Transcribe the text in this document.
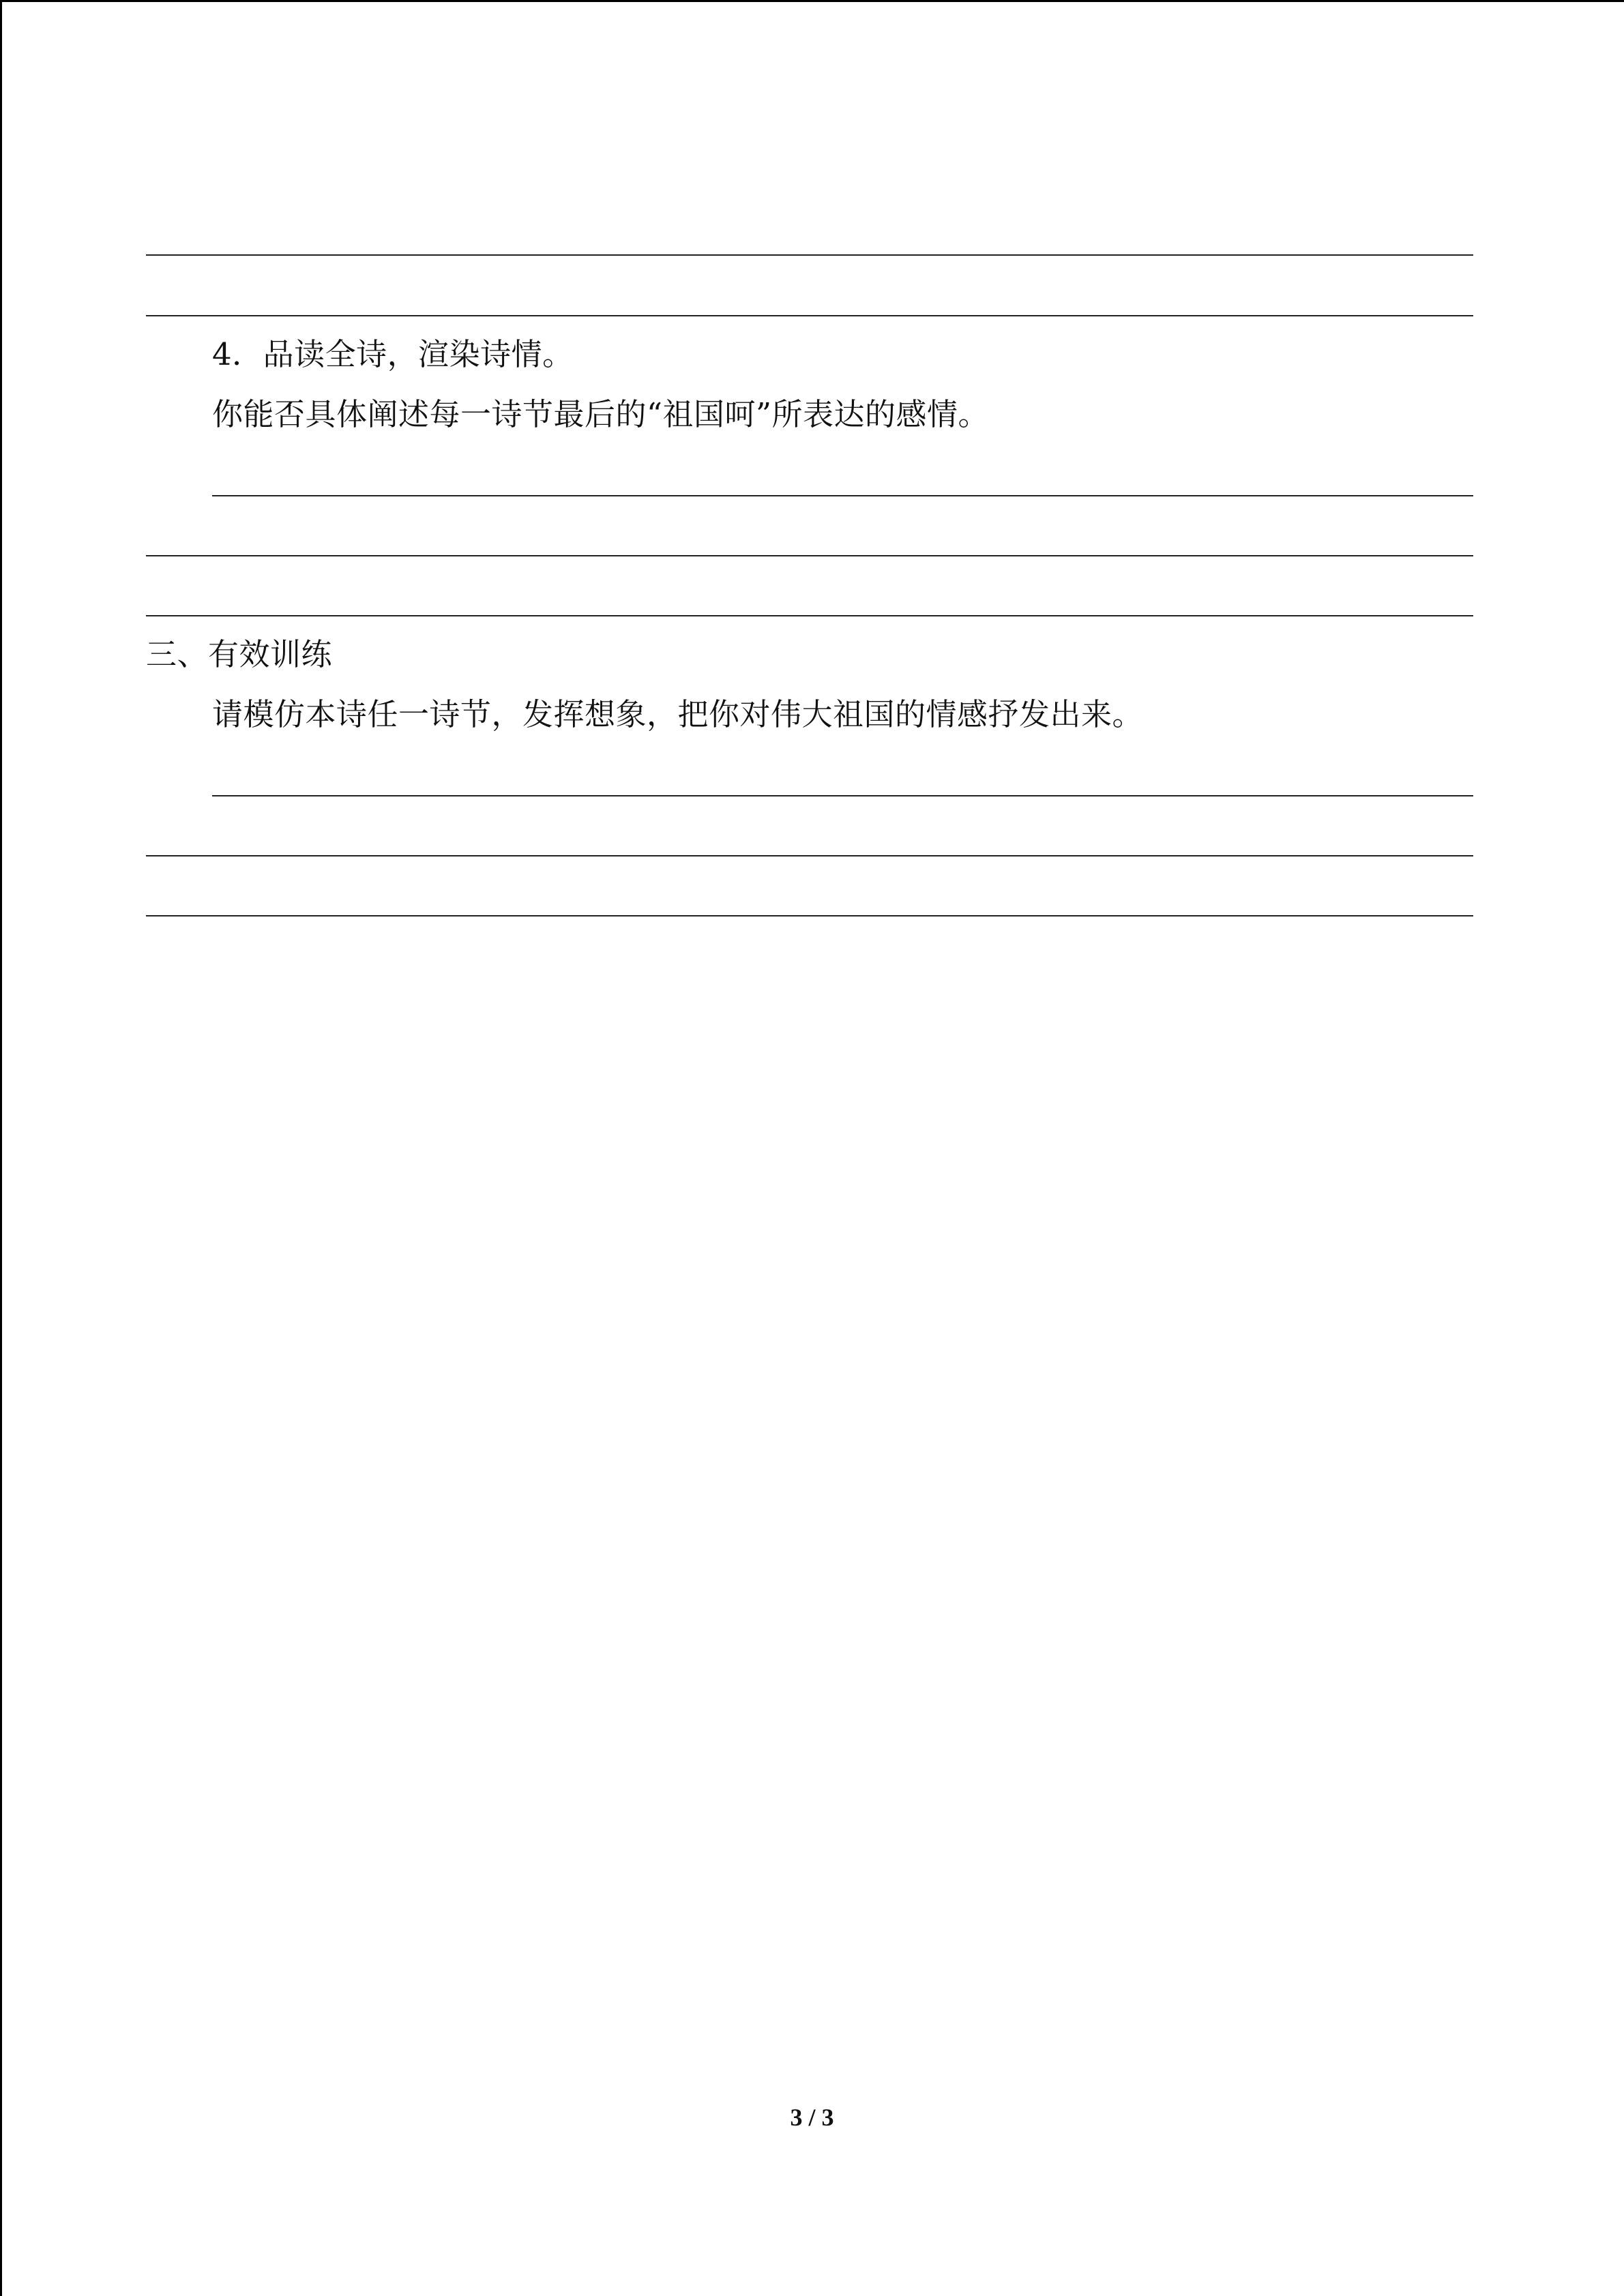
4．品读全诗，渲染诗情。
你能否具体阐述每一诗节最后的“祖国呵”所表达的感情。
三、有效训练
请模仿本诗任一诗节，发挥想象，把你对伟大祖国的情感抒发出来。
3 / 3
